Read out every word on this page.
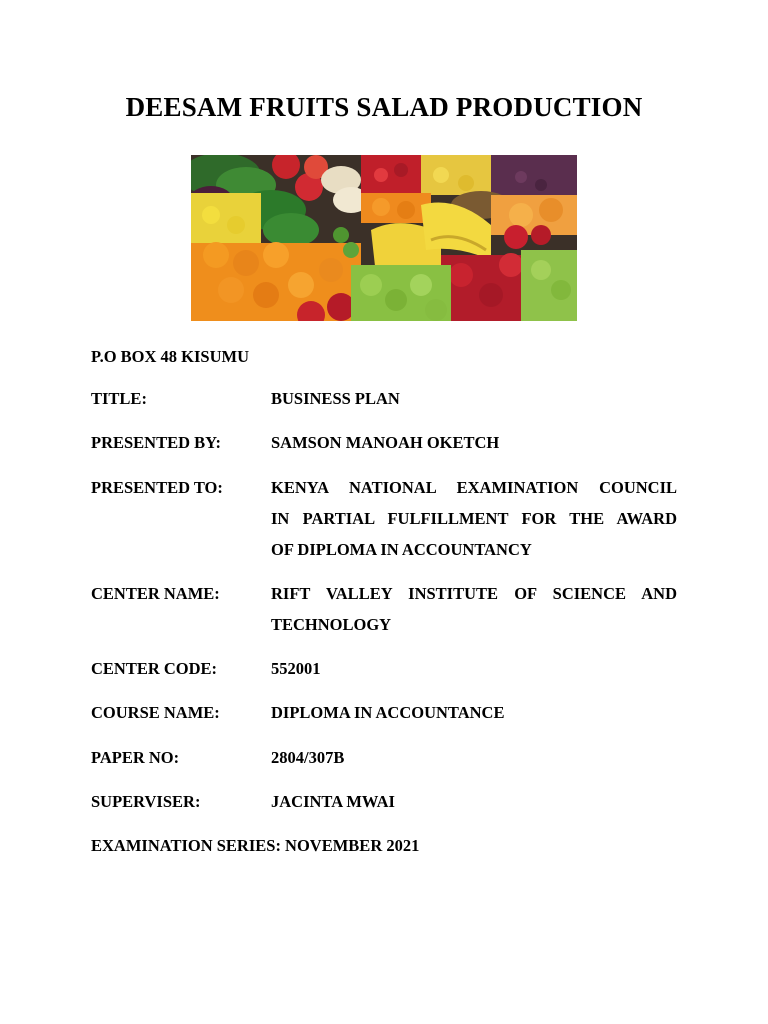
DEESAM FRUITS SALAD PRODUCTION
P.O BOX 48 KISUMU
TITLE:	BUSINESS PLAN
PRESENTED BY:	SAMSON MANOAH OKETCH
PRESENTED TO:	KENYA NATIONAL EXAMINATION COUNCIL
IN PARTIAL FULFILLMENT FOR THE AWARD
OF DIPLOMA IN ACCOUNTANCY
CENTER NAME:	RIFT VALLEY INSTITUTE OF SCIENCE AND
TECHNOLOGY
CENTER CODE:	552001
COURSE NAME:	DIPLOMA IN ACCOUNTANCE
PAPER NO:	2804/307B
SUPERVISER:	JACINTA MWAI
EXAMINATION SERIES: NOVEMBER 2021
